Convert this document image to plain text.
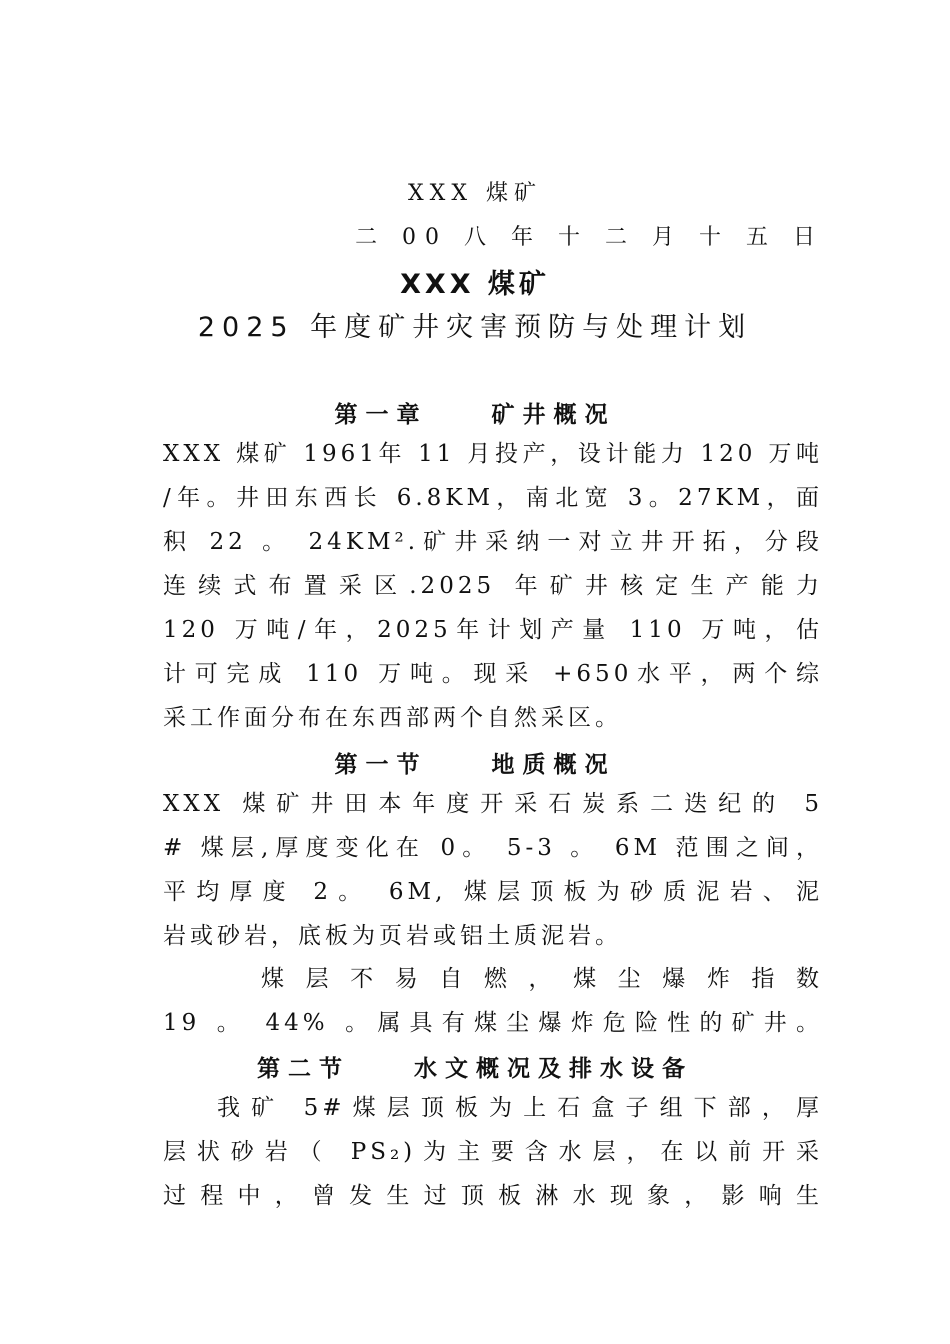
XXX 煤矿
二 00 八 年 十 二 月 十 五 日
XXX 煤矿
2025 年度矿井灾害预防与处理计划
第一章    矿井概况
XXX 煤矿 1961年 11 月投产，设计能力 120 万吨
/年。井田东西长 6.8KM，南北宽 3。27KM，面
积 22 。 24KM².矿井采纳一对立井开拓，分段
连续式布置采区.2025 年矿井核定生产能力
120 万吨/年，2025年计划产量 110 万吨，估
计可完成 110 万吨。现采 +650水平，两个综
采工作面分布在东西部两个自然采区。
第一节    地质概况
XXX 煤矿井田本年度开采石炭系二迭纪的 5
# 煤层,厚度变化在 0。 5-3 。 6M 范围之间，
平均厚度 2。 6M, 煤层顶板为砂质泥岩、泥
岩或砂岩，底板为页岩或铝土质泥岩。
煤层不易自燃，煤尘爆炸指数
19 。 44% 。属具有煤尘爆炸危险性的矿井。
第二节    水文概况及排水设备
我矿 5#煤层顶板为上石盒子组下部，厚
层状砂岩（ PS₂)为主要含水层，在以前开采
过程中，曾发生过顶板淋水现象，影响生
